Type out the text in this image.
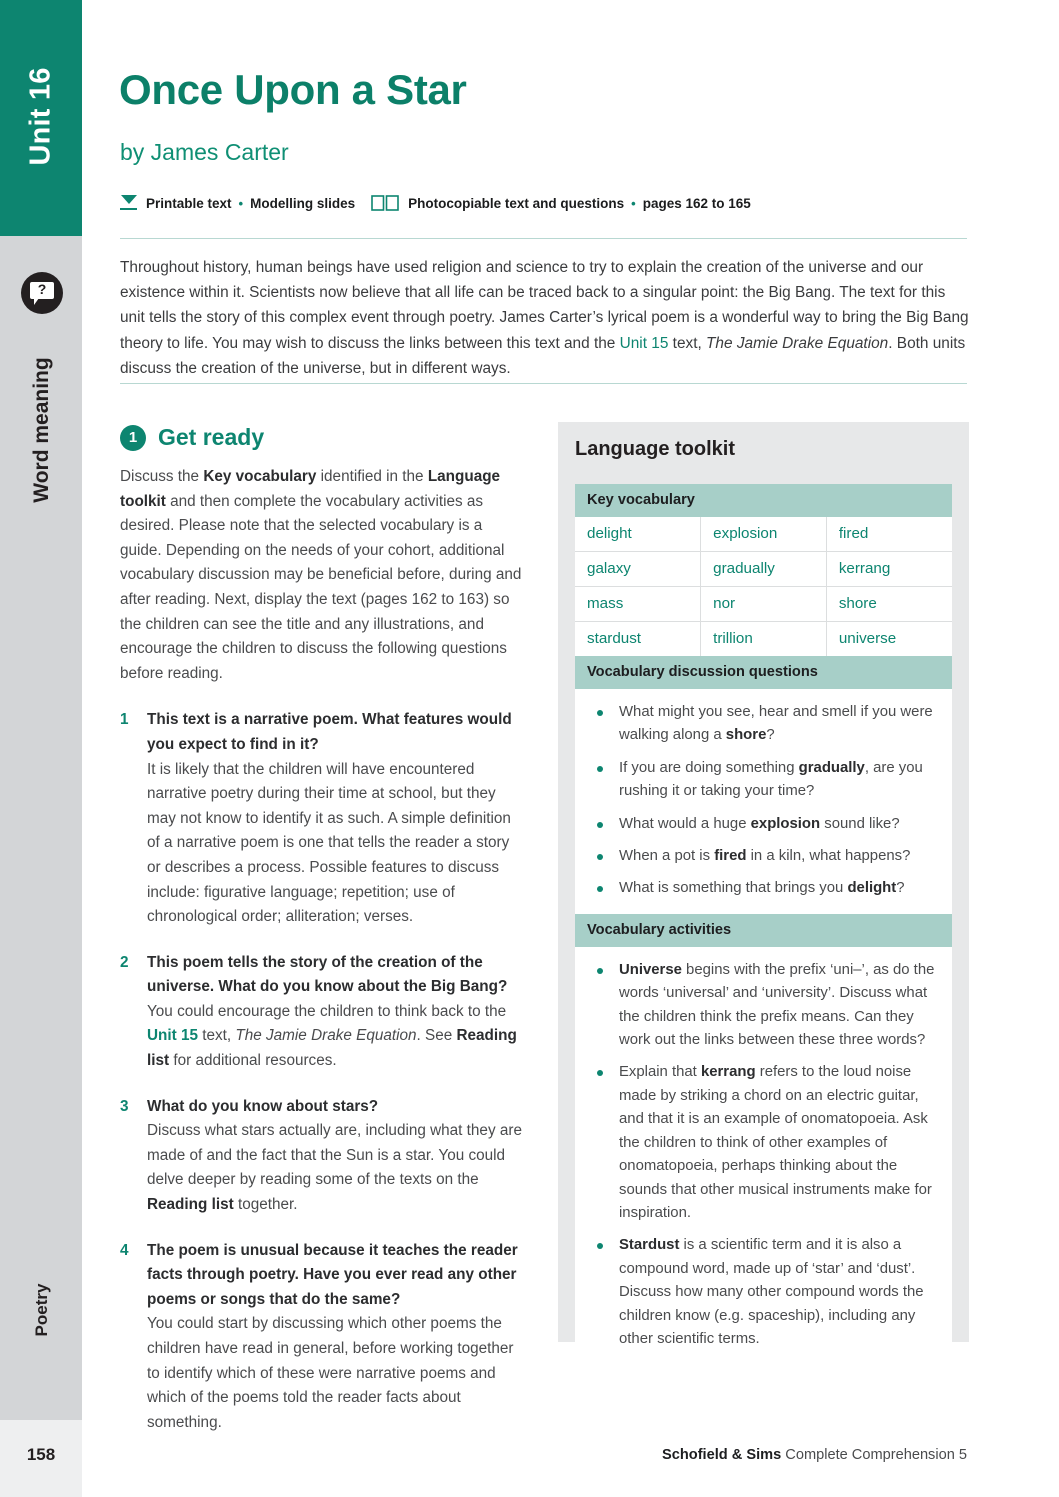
Unit 16
?
Word meaning
Poetry
158
Once Upon a Star
by James Carter
Printable text • Modelling slides	Photocopiable text and questions • pages 162 to 165

Throughout history, human beings have used religion and science to try to explain the creation of the universe and our existence within it. Scientists now believe that all life can be traced back to a singular point: the Big Bang. The text for this unit tells the story of this complex event through poetry. James Carter’s lyrical poem is a wonderful way to bring the Big Bang theory to life. You may wish to discuss the links between this text and the Unit 15 text, The Jamie Drake Equation. Both units discuss the creation of the universe, but in different ways.

1 Get ready

Discuss the Key vocabulary identified in the Language toolkit and then complete the vocabulary activities as desired. Please note that the selected vocabulary is a guide. Depending on the needs of your cohort, additional vocabulary discussion may be beneficial before, during and after reading. Next, display the text (pages 162 to 163) so the children can see the title and any illustrations, and encourage the children to discuss the following questions before reading.

1	This text is a narrative poem. What features would you expect to find in it?
It is likely that the children will have encountered narrative poetry during their time at school, but they may not know to identify it as such. A simple definition of a narrative poem is one that tells the reader a story or describes a process. Possible features to discuss include: figurative language; repetition; use of chronological order; alliteration; verses.
2	This poem tells the story of the creation of the universe. What do you know about the Big Bang?
You could encourage the children to think back to the Unit 15 text, The Jamie Drake Equation. See Reading list for additional resources.
3	What do you know about stars?
Discuss what stars actually are, including what they are made of and the fact that the Sun is a star. You could delve deeper by reading some of the texts on the Reading list together.
4	The poem is unusual because it teaches the reader facts through poetry. Have you ever read any other poems or songs that do the same?
You could start by discussing which other poems the children have read in general, before working together to identify which of these were narrative poems and which of the poems told the reader facts about something.
Language toolkit
Key vocabulary
delight	explosion	fired
galaxy	gradually	kerrang
mass	nor	shore
stardust	trillion	universe
Vocabulary discussion questions
What might you see, hear and smell if you were walking along a shore?
If you are doing something gradually, are you rushing it or taking your time?
What would a huge explosion sound like?
When a pot is fired in a kiln, what happens?
What is something that brings you delight?
Vocabulary activities
Universe begins with the prefix ‘uni–’, as do the words ‘universal’ and ‘university’. Discuss what the children think the prefix means. Can they work out the links between these three words?
Explain that kerrang refers to the loud noise made by striking a chord on an electric guitar, and that it is an example of onomatopoeia. Ask the children to think of other examples of onomatopoeia, perhaps thinking about the sounds that other musical instruments make for inspiration.
Stardust is a scientific term and it is also a compound word, made up of ‘star’ and ‘dust’. Discuss how many other compound words the children know (e.g. spaceship), including any other scientific terms.
Schofield & Sims Complete Comprehension 5
